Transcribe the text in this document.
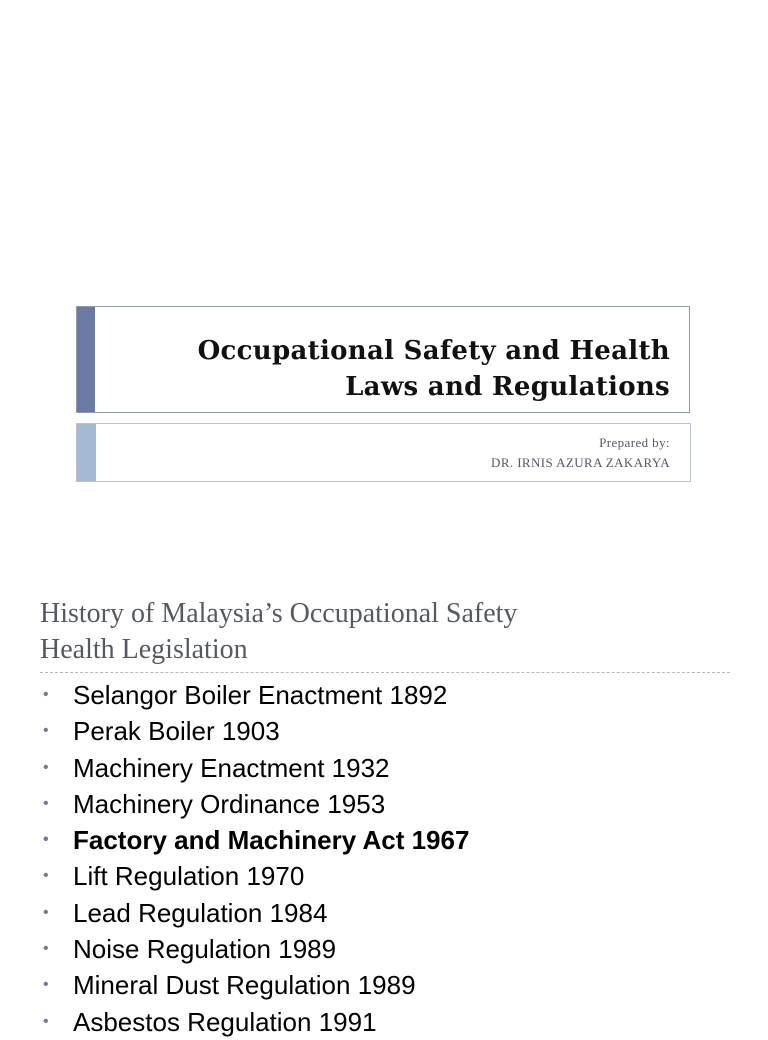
Occupational Safety and Health
Laws and Regulations
Prepared by:
DR. IRNIS AZURA ZAKARYA
History of Malaysia’s Occupational Safety
Health Legislation
• Selangor Boiler Enactment 1892
• Perak Boiler 1903
• Machinery Enactment 1932
• Machinery Ordinance 1953
• Factory and Machinery Act 1967
• Lift Regulation 1970
• Lead Regulation 1984
• Noise Regulation 1989
• Mineral Dust Regulation 1989
• Asbestos Regulation 1991
